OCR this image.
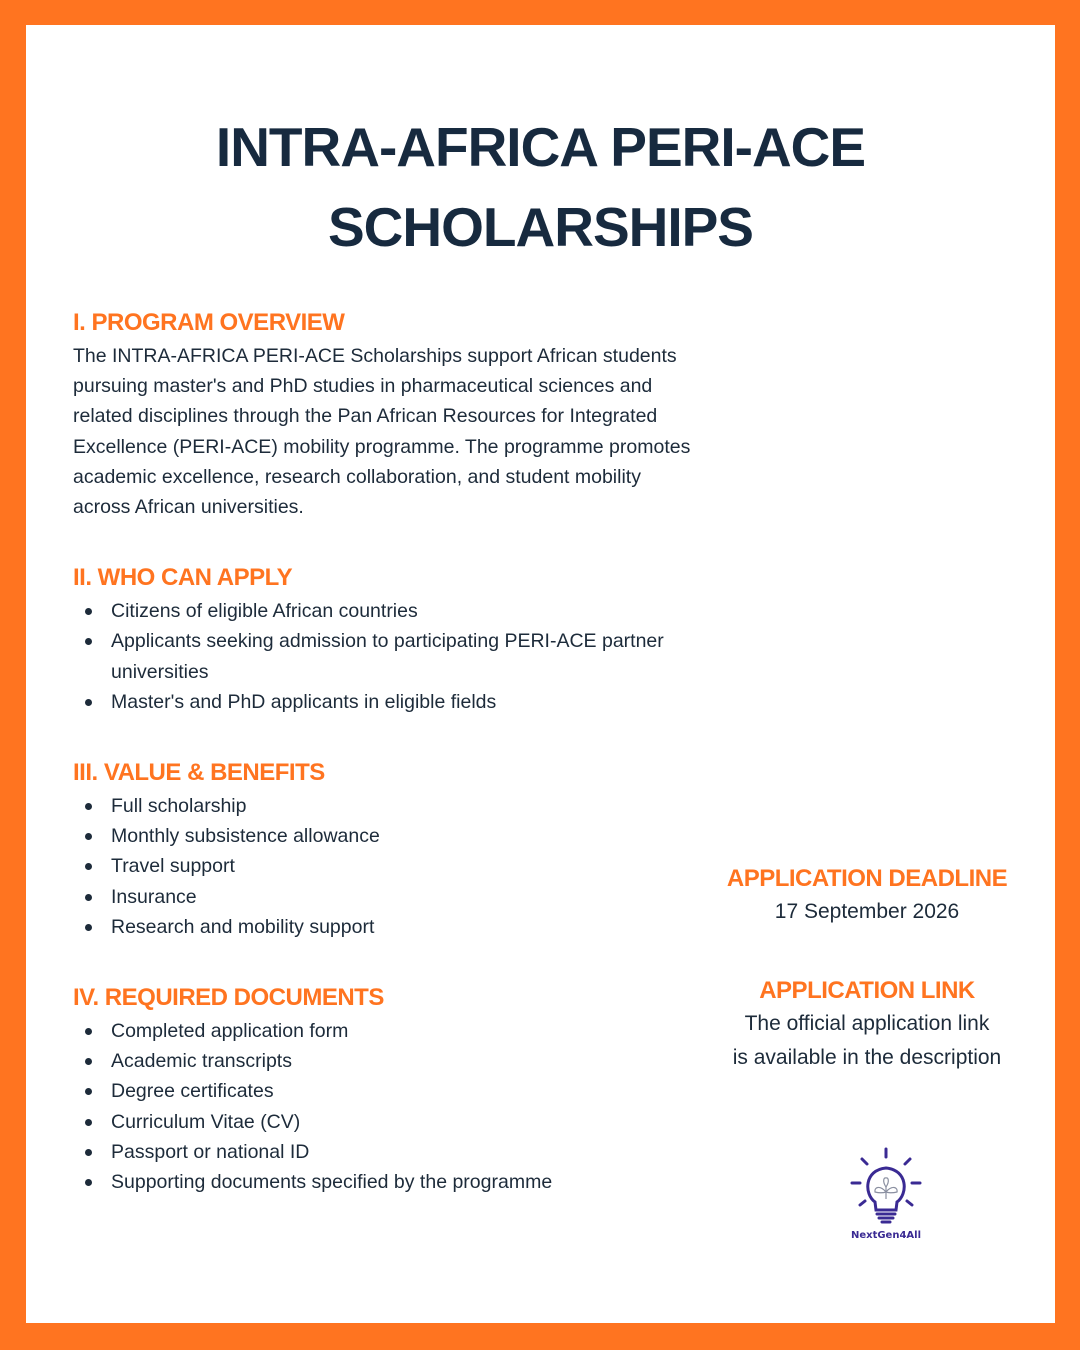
INTRA-AFRICA PERI-ACE
SCHOLARSHIPS
I. PROGRAM OVERVIEW

The INTRA-AFRICA PERI-ACE Scholarships support African students
pursuing master's and PhD studies in pharmaceutical sciences and
related disciplines through the Pan African Resources for Integrated
Excellence (PERI-ACE) mobility programme. The programme promotes
academic excellence, research collaboration, and student mobility
across African universities.

II. WHO CAN APPLY
Citizens of eligible African countries
Applicants seeking admission to participating PERI-ACE partner universities
Master's and PhD applicants in eligible fields
III. VALUE & BENEFITS
Full scholarship
Monthly subsistence allowance
Travel support
Insurance
Research and mobility support
IV. REQUIRED DOCUMENTS
Completed application form
Academic transcripts
Degree certificates
Curriculum Vitae (CV)
Passport or national ID
Supporting documents specified by the programme
APPLICATION DEADLINE

17 September 2026

APPLICATION LINK

The official application link
is available in the description

NextGen4All
